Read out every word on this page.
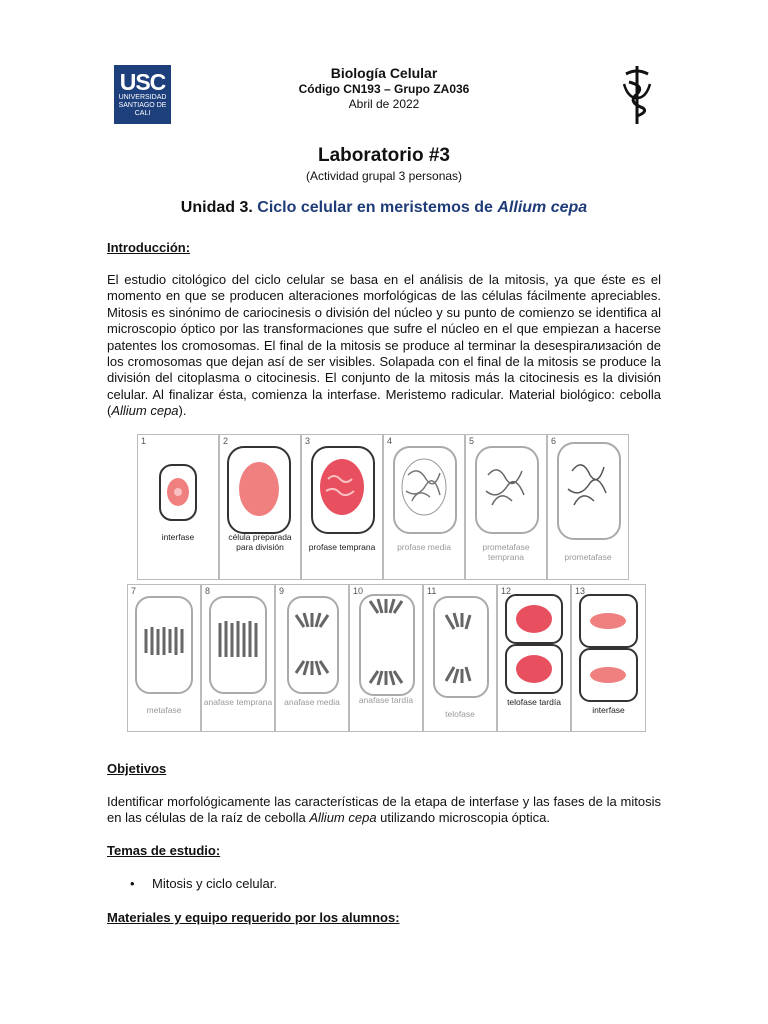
USC
UNIVERSIDAD SANTIAGO DE CALI
Biología Celular
Código CN193 – Grupo ZA036
Abril de 2022
Laboratorio #3
(Actividad grupal 3 personas)
Unidad 3. Ciclo celular en meristemos de Allium cepa
Introducción:
El estudio citológico del ciclo celular se basa en el análisis de la mitosis, ya que éste es el momento en que se producen alteraciones morfológicas de las células fácilmente apreciables. Mitosis es sinónimo de cariocinesis o división del núcleo y su punto de comienzo se identifica al microscopio óptico por las transformaciones que sufre el núcleo en el que empiezan a hacerse patentes los cromosomas. El final de la mitosis se produce al terminar la desespirализación de los cromosomas que dejan así de ser visibles. Solapada con el final de la mitosis se produce la división del citoplasma o citocinesis. El conjunto de la mitosis más la citocinesis es la división celular. Al finalizar ésta, comienza la interfase. Meristemo radicular. Material biológico: cebolla (Allium cepa).
1
interfase
2
célula preparada para división
3
profase temprana
4
profase media
5
prometafase temprana
6
prometafase
7
metafase
8
anafase temprana
9
anafase media
10
anafase tardía
11
telofase
12
telofase tardía
13
interfase
Objetivos
Identificar morfológicamente las características de la etapa de interfase y las fases de la mitosis en las células de la raíz de cebolla Allium cepa utilizando microscopia óptica.
Temas de estudio:
• Mitosis y ciclo celular.
Materiales y equipo requerido por los alumnos:
